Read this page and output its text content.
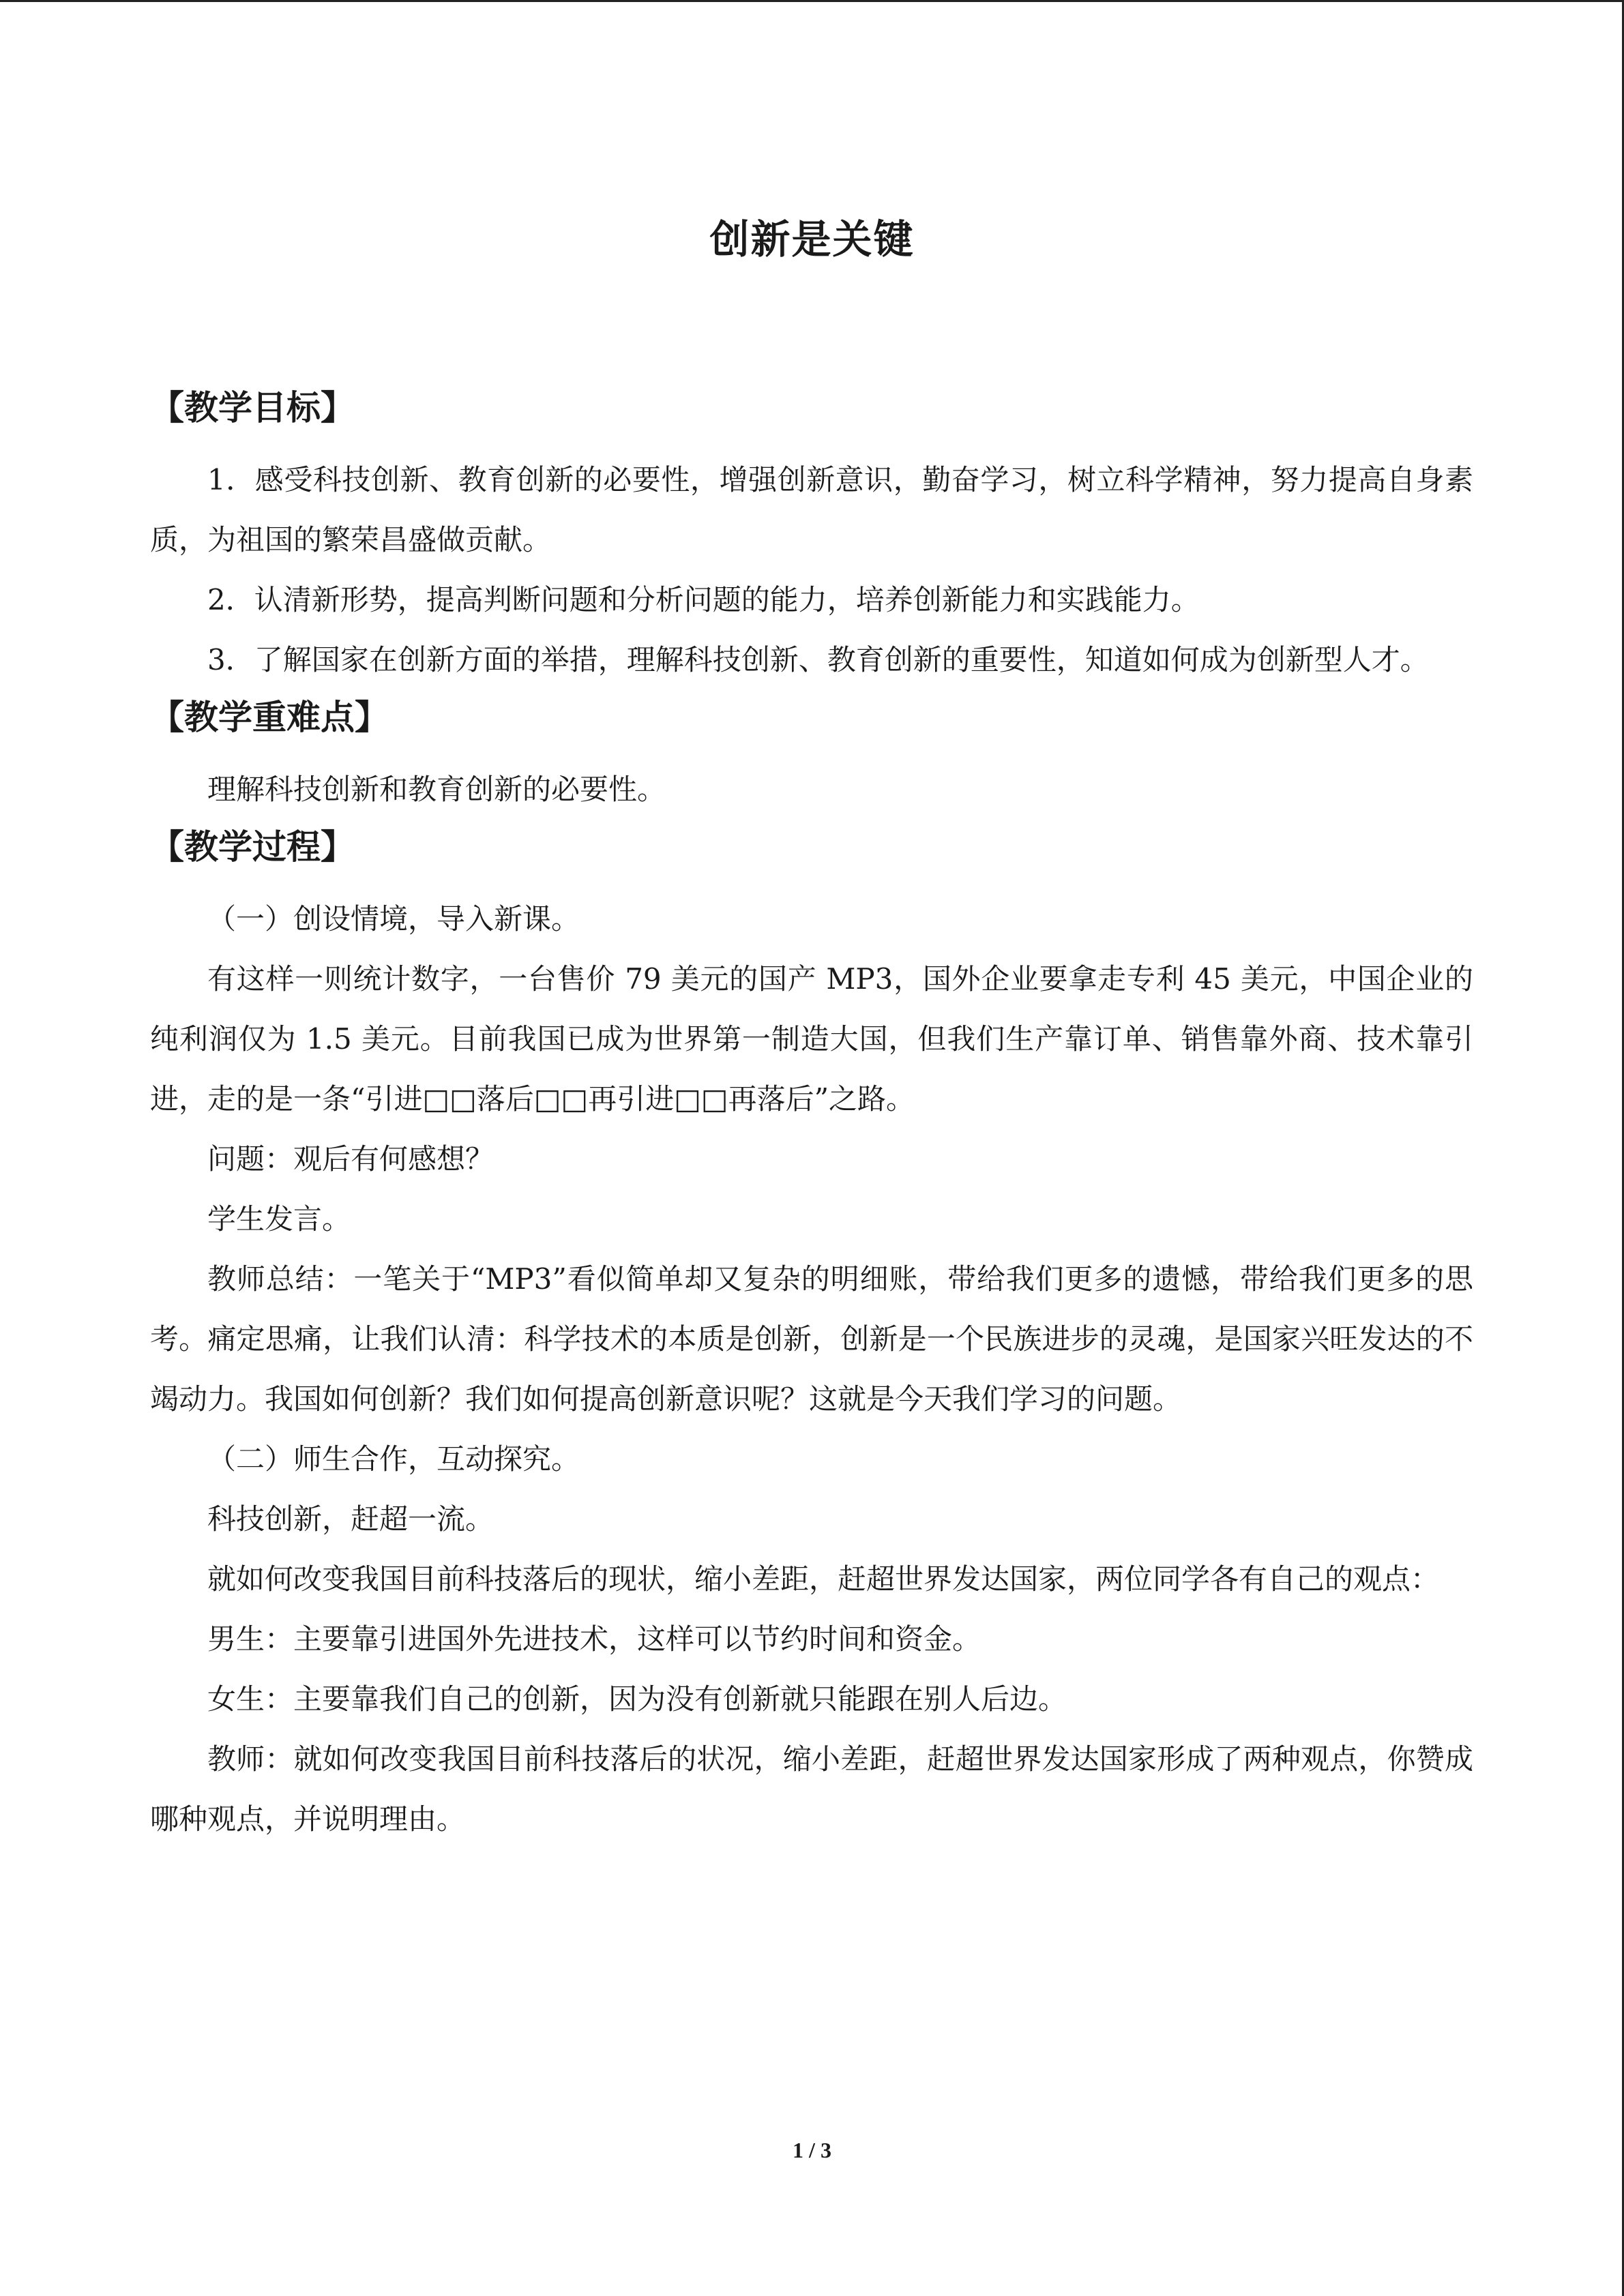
创新是关键
【教学目标】

1．感受科技创新、教育创新的必要性，增强创新意识，勤奋学习，树立科学精神，努力提高自身素质，为祖国的繁荣昌盛做贡献。

2．认清新形势，提高判断问题和分析问题的能力，培养创新能力和实践能力。

3．了解国家在创新方面的举措，理解科技创新、教育创新的重要性，知道如何成为创新型人才。

【教学重难点】

理解科技创新和教育创新的必要性。

【教学过程】

（一）创设情境，导入新课。

有这样一则统计数字，一台售价 79 美元的国产 MP3，国外企业要拿走专利 45 美元，中国企业的纯利润仅为 1.5 美元。目前我国已成为世界第一制造大国，但我们生产靠订单、销售靠外商、技术靠引进，走的是一条“引进□□落后□□再引进□□再落后”之路。

问题：观后有何感想？

学生发言。

教师总结：一笔关于“MP3”看似简单却又复杂的明细账，带给我们更多的遗憾，带给我们更多的思考。痛定思痛，让我们认清：科学技术的本质是创新，创新是一个民族进步的灵魂，是国家兴旺发达的不竭动力。我国如何创新？我们如何提高创新意识呢？这就是今天我们学习的问题。

（二）师生合作，互动探究。

科技创新，赶超一流。

就如何改变我国目前科技落后的现状，缩小差距，赶超世界发达国家，两位同学各有自己的观点：

男生：主要靠引进国外先进技术，这样可以节约时间和资金。

女生：主要靠我们自己的创新，因为没有创新就只能跟在别人后边。

教师：就如何改变我国目前科技落后的状况，缩小差距，赶超世界发达国家形成了两种观点，你赞成哪种观点，并说明理由。

1 / 3
